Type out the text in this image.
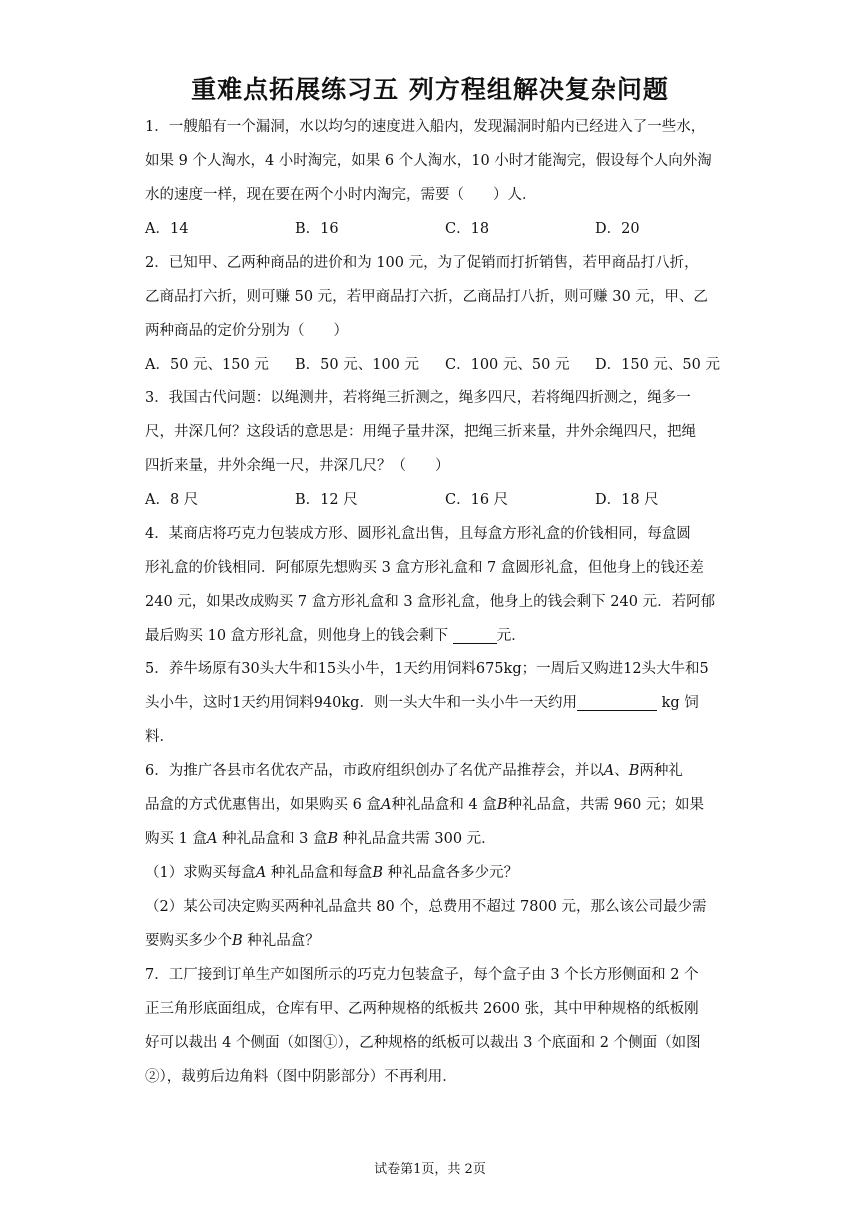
重难点拓展练习五 列方程组解决复杂问题
1．一艘船有一个漏洞，水以均匀的速度进入船内，发现漏洞时船内已经进入了一些水，
如果 9 个人淘水，4 小时淘完，如果 6 个人淘水，10 小时才能淘完，假设每个人向外淘
水的速度一样，现在要在两个小时内淘完，需要（　　）人．
A．14	B．16	C．18	D．20
2．已知甲、乙两种商品的进价和为 100 元，为了促销而打折销售，若甲商品打八折，
乙商品打六折，则可赚 50 元，若甲商品打六折，乙商品打八折，则可赚 30 元，甲、乙
两种商品的定价分别为（　　）
A．50 元、150 元 B．50 元、100 元 C．100 元、50 元 D．150 元、50 元
3．我国古代问题：以绳测井，若将绳三折测之，绳多四尺，若将绳四折测之，绳多一
尺，井深几何？这段话的意思是：用绳子量井深，把绳三折来量，井外余绳四尺，把绳
四折来量，井外余绳一尺，井深几尺？（　　）
A．8 尺	B．12 尺	C．16 尺	D．18 尺
4．某商店将巧克力包装成方形、圆形礼盒出售，且每盒方形礼盒的价钱相同，每盒圆
形礼盒的价钱相同．阿郁原先想购买 3 盒方形礼盒和 7 盒圆形礼盒，但他身上的钱还差
240 元，如果改成购买 7 盒方形礼盒和 3 盒形礼盒，他身上的钱会剩下 240 元．若阿郁
最后购买 10 盒方形礼盒，则他身上的钱会剩下	元．
5．养牛场原有30头大牛和15头小牛，1天约用饲料675kg；一周后又购进12头大牛和5
头小牛，这时1天约用饲料940kg．则一头大牛和一头小牛一天约用	kg 饲
料．
6．为推广各县市名优农产品，市政府组织创办了名优产品推荐会，并以A、B两种礼
品盒的方式优惠售出，如果购买 6 盒A种礼品盒和 4 盒B种礼品盒，共需 960 元；如果
购买 1 盒A 种礼品盒和 3 盒B 种礼品盒共需 300 元．
（1）求购买每盒A 种礼品盒和每盒B 种礼品盒各多少元？
（2）某公司决定购买两种礼品盒共 80 个，总费用不超过 7800 元，那么该公司最少需
要购买多少个B 种礼品盒？
7．工厂接到订单生产如图所示的巧克力包装盒子，每个盒子由 3 个长方形侧面和 2 个
正三角形底面组成，仓库有甲、乙两种规格的纸板共 2600 张，其中甲种规格的纸板刚
好可以裁出 4 个侧面（如图①），乙种规格的纸板可以裁出 3 个底面和 2 个侧面（如图
②），裁剪后边角料（图中阴影部分）不再利用．
试卷第1页，共 2页
